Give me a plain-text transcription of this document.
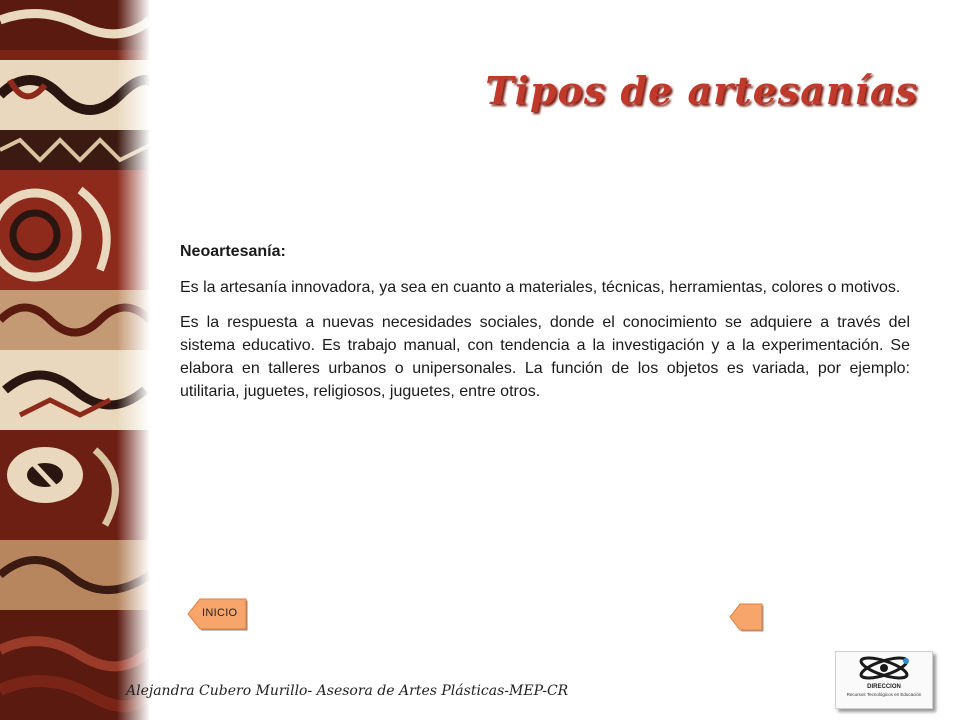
Tipos de artesanías

Neoartesanía:

Es la artesanía innovadora, ya sea en cuanto a materiales, técnicas, herramientas, colores o motivos.

Es la respuesta a nuevas necesidades sociales, donde el conocimiento se adquiere a través del sistema educativo. Es trabajo manual, con tendencia a la investigación y a la experimentación. Se elabora en talleres urbanos o unipersonales. La función de los objetos es variada, por ejemplo: utilitaria, juguetes, religiosos, juguetes, entre otros.

INICIO

Alejandra Cubero Murillo- Asesora de Artes Plásticas-MEP-CR	DIRECCION
Recursos Tecnológicos en Educación
